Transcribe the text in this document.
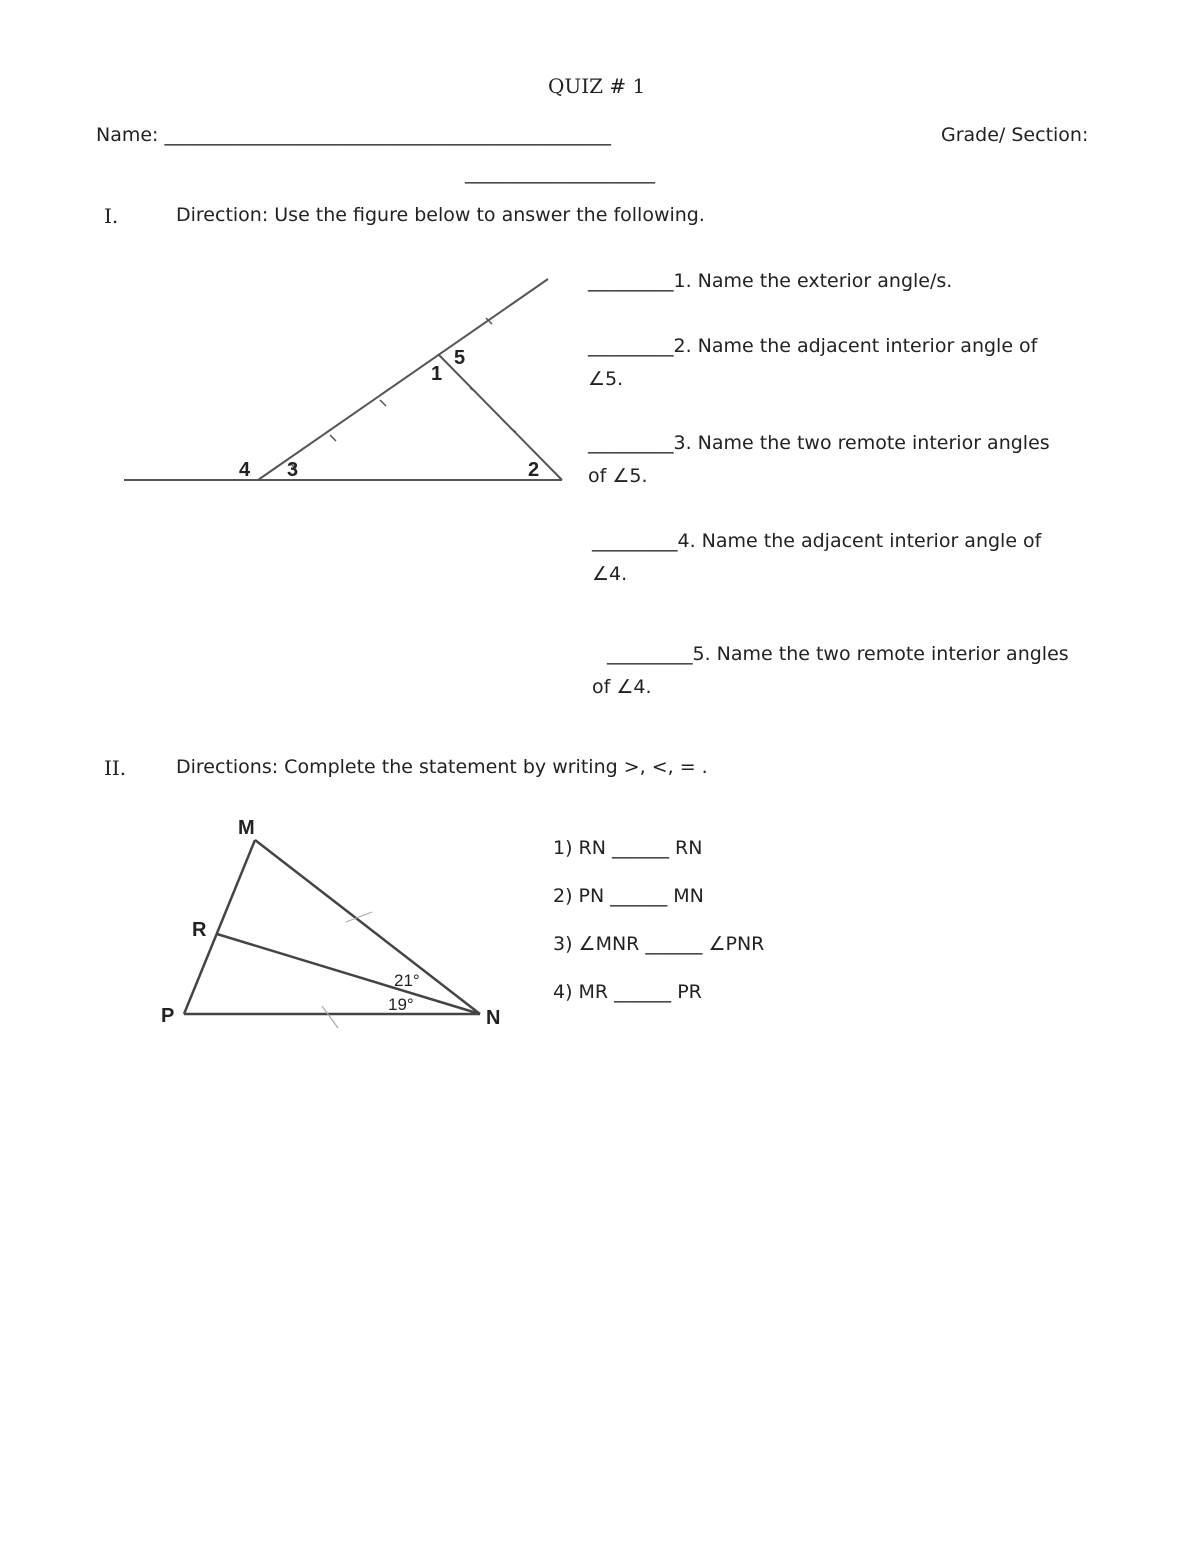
QUIZ # 1
Name: _______________________________________________	Grade/ Section:
____________________
I.	Direction: Use the figure below to answer the following.
1
5
4 3	2
_________1. Name the exterior angle/s.
_________2. Name the adjacent interior angle of
∠5.
_________3. Name the two remote interior angles
of ∠5.
_________4. Name the adjacent interior angle of
∠4.
_________5. Name the two remote interior angles
of ∠4.
II.	Directions: Complete the statement by writing >, <, = .
M
R
P	N
21°
19°
1) RN ______ RN
2) PN ______ MN
3) ∠MNR ______ ∠PNR
4) MR ______ PR
